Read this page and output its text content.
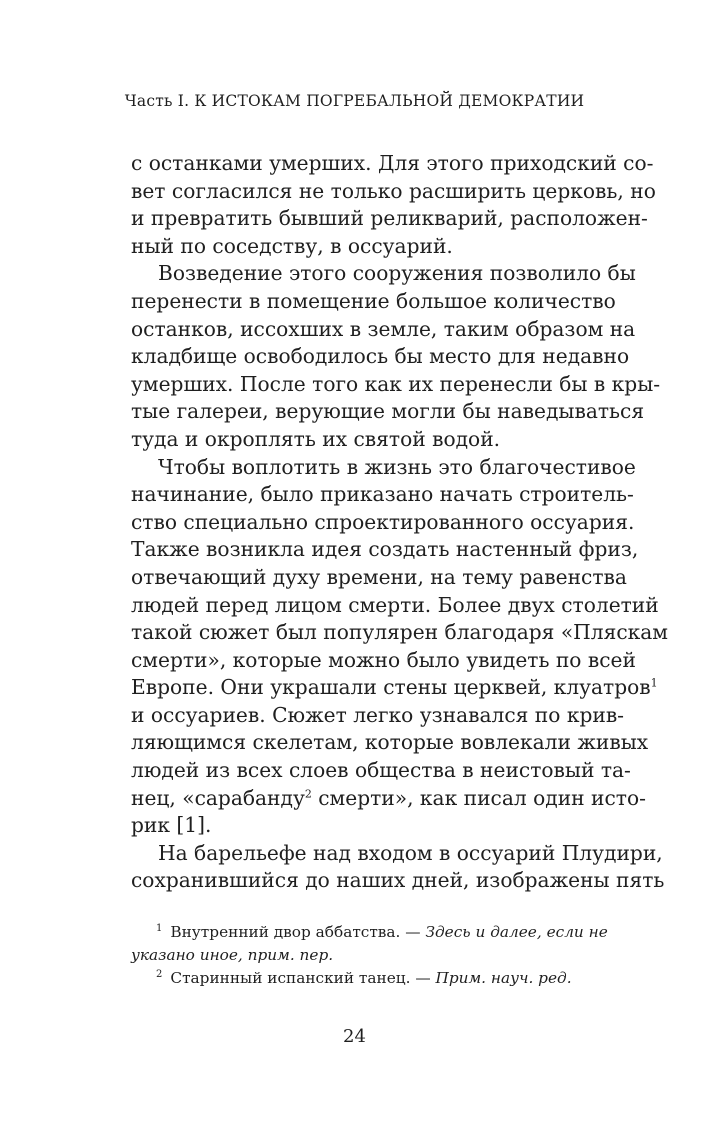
Часть I. К ИСТОКАМ ПОГРЕБАЛЬНОЙ ДЕМОКРАТИИ
с останками умерших. Для этого приходский со-
вет согласился не только расширить церковь, но
и превратить бывший реликварий, расположен-
ный по соседству, в оссуарий.
Возведение этого сооружения позволило бы
перенести в помещение большое количество
останков, иссохших в земле, таким образом на
кладбище освободилось бы место для недавно
умерших. После того как их перенесли бы в кры-
тые галереи, верующие могли бы наведываться
туда и окроплять их святой водой.
Чтобы воплотить в жизнь это благочестивое
начинание, было приказано начать строитель-
ство специально спроектированного оссуария.
Также возникла идея создать настенный фриз,
отвечающий духу времени, на тему равенства
людей перед лицом смерти. Более двух столетий
такой сюжет был популярен благодаря «Пляскам
смерти», которые можно было увидеть по всей
Европе. Они украшали стены церквей, клуатров$^1$
и оссуариев. Сюжет легко узнавался по крив-
ляющимся скелетам, которые вовлекали живых
людей из всех слоев общества в неистовый та-
нец, «сарабанду$^2$ смерти», как писал один исто-
рик [1].
На барельефе над входом в оссуарий Плудири,
сохранившийся до наших дней, изображены пять
$^1$ Внутренний двор аббатства. — Здесь и далее, если не
указано иное, прим. пер.
$^2$ Старинный испанский танец. — Прим. науч. ред.
24
